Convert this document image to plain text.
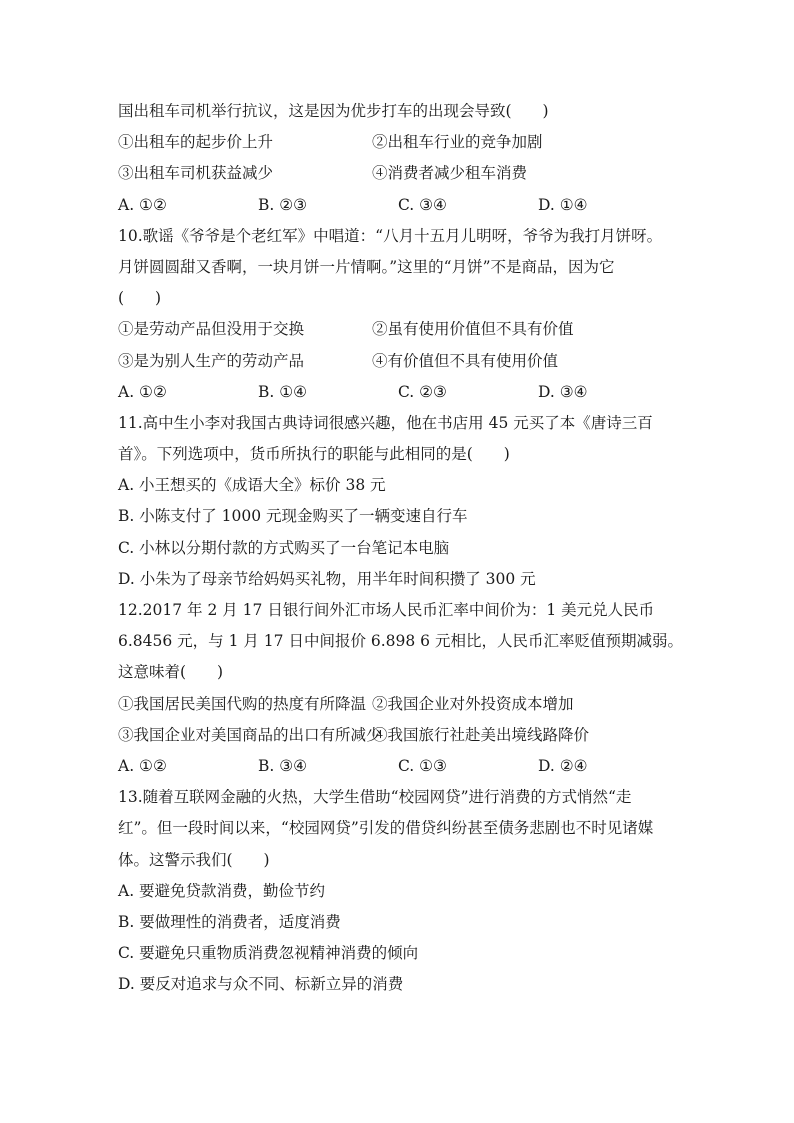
国出租车司机举行抗议，这是因为优步打车的出现会导致(　　)
①出租车的起步价上升	②出租车行业的竞争加剧
③出租车司机获益减少	④消费者减少租车消费
A. ①②	B. ②③	C. ③④	D. ①④
10.歌谣《爷爷是个老红军》中唱道：“八月十五月儿明呀，爷爷为我打月饼呀。
月饼圆圆甜又香啊，一块月饼一片情啊。”这里的“月饼”不是商品，因为它
(　　)
①是劳动产品但没用于交换	②虽有使用价值但不具有价值
③是为别人生产的劳动产品	④有价值但不具有使用价值
A. ①②	B. ①④	C. ②③	D. ③④
11.高中生小李对我国古典诗词很感兴趣，他在书店用 45 元买了本《唐诗三百
首》。下列选项中，货币所执行的职能与此相同的是(　　)
A. 小王想买的《成语大全》标价 38 元
B. 小陈支付了 1000 元现金购买了一辆变速自行车
C. 小林以分期付款的方式购买了一台笔记本电脑
D. 小朱为了母亲节给妈妈买礼物，用半年时间积攒了 300 元
12.2017 年 2 月 17 日银行间外汇市场人民币汇率中间价为：1 美元兑人民币
6.8456 元，与 1 月 17 日中间报价 6.898 6 元相比，人民币汇率贬值预期减弱。
这意味着(　　)
①我国居民美国代购的热度有所降温 ②我国企业对外投资成本增加
③我国企业对美国商品的出口有所减少
④我国旅行社赴美出境线路降价
A. ①②	B. ③④	C. ①③	D. ②④
13.随着互联网金融的火热，大学生借助“校园网贷”进行消费的方式悄然“走
红”。但一段时间以来，“校园网贷”引发的借贷纠纷甚至债务悲剧也不时见诸媒
体。这警示我们(　　)
A. 要避免贷款消费，勤俭节约
B. 要做理性的消费者，适度消费
C. 要避免只重物质消费忽视精神消费的倾向
D. 要反对追求与众不同、标新立异的消费
